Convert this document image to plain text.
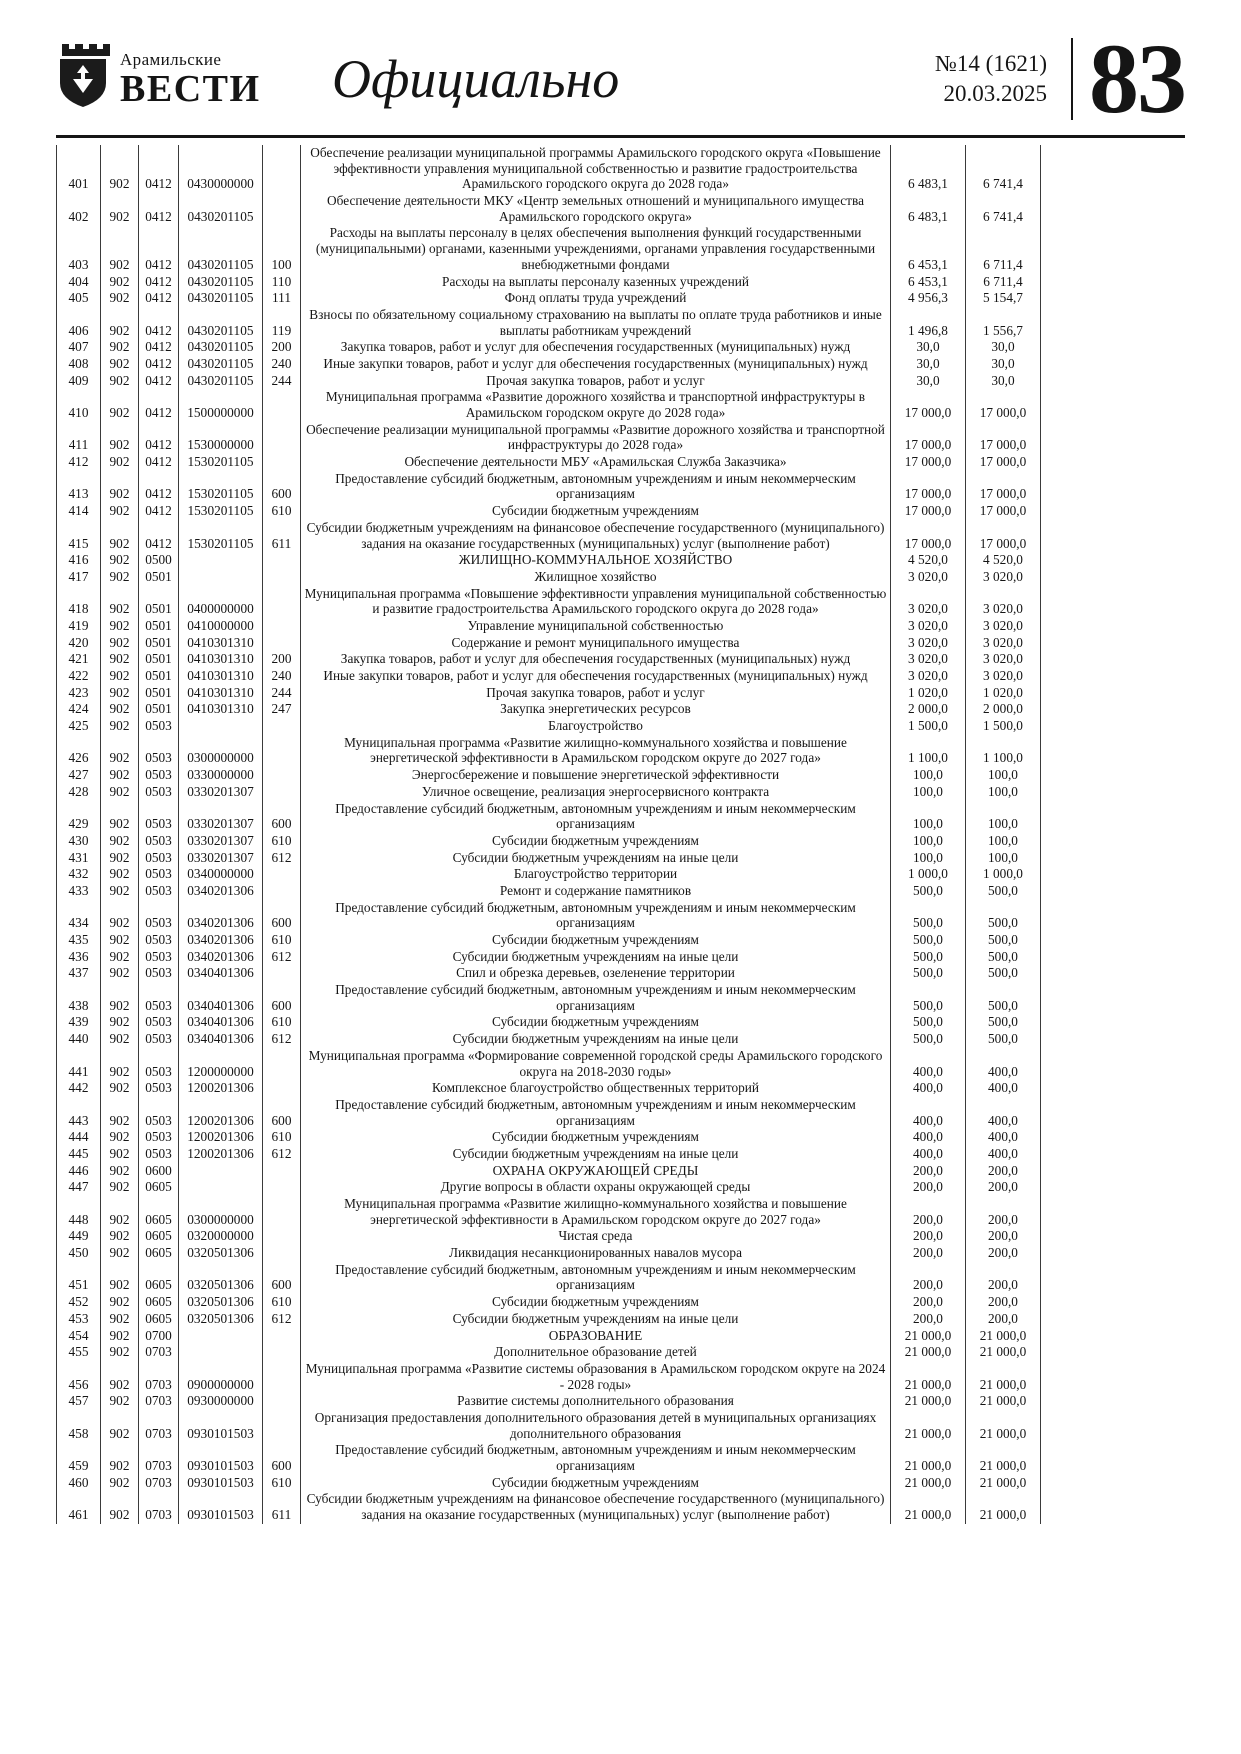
Арамильские
ВЕСТИ Официально	№14 (1621)
20.03.2025 83
401	902	0412	0430000000		Обеспечение реализации муниципальной программы Арамильского городского округа «Повышение эффективности управления муниципальной собственностью и развитие градостроительства Арамильского городского округа до 2028 года»	6 483,1	6 741,4
402	902	0412	0430201105		Обеспечение деятельности МКУ «Центр земельных отношений и муниципального имущества Арамильского городского округа»	6 483,1	6 741,4
403	902	0412	0430201105	100	Расходы на выплаты персоналу в целях обеспечения выполнения функций государственными (муниципальными) органами, казенными учреждениями, органами управления государственными внебюджетными фондами	6 453,1	6 711,4
404	902	0412	0430201105	110	Расходы на выплаты персоналу казенных учреждений	6 453,1	6 711,4
405	902	0412	0430201105	111	Фонд оплаты труда учреждений	4 956,3	5 154,7
406	902	0412	0430201105	119	Взносы по обязательному социальному страхованию на выплаты по оплате труда работников и иные выплаты работникам учреждений	1 496,8	1 556,7
407	902	0412	0430201105	200	Закупка товаров, работ и услуг для обеспечения государственных (муниципальных) нужд	30,0	30,0
408	902	0412	0430201105	240	Иные закупки товаров, работ и услуг для обеспечения государственных (муниципальных) нужд	30,0	30,0
409	902	0412	0430201105	244	Прочая закупка товаров, работ и услуг	30,0	30,0
410	902	0412	1500000000		Муниципальная программа «Развитие дорожного хозяйства и транспортной инфраструктуры в Арамильском городском округе до 2028 года»	17 000,0	17 000,0
411	902	0412	1530000000		Обеспечение реализации муниципальной программы «Развитие дорожного хозяйства и транспортной инфраструктуры до 2028 года»	17 000,0	17 000,0
412	902	0412	1530201105		Обеспечение деятельности МБУ «Арамильская Служба Заказчика»	17 000,0	17 000,0
413	902	0412	1530201105	600	Предоставление субсидий бюджетным, автономным учреждениям и иным некоммерческим организациям	17 000,0	17 000,0
414	902	0412	1530201105	610	Субсидии бюджетным учреждениям	17 000,0	17 000,0
415	902	0412	1530201105	611	Субсидии бюджетным учреждениям на финансовое обеспечение государственного (муниципального) задания на оказание государственных (муниципальных) услуг (выполнение работ)	17 000,0	17 000,0
416	902	0500			ЖИЛИЩНО-КОММУНАЛЬНОЕ ХОЗЯЙСТВО	4 520,0	4 520,0
417	902	0501			Жилищное хозяйство	3 020,0	3 020,0
418	902	0501	0400000000		Муниципальная программа «Повышение эффективности управления муниципальной собственностью и развитие градостроительства Арамильского городского округа до 2028 года»	3 020,0	3 020,0
419	902	0501	0410000000		Управление муниципальной собственностью	3 020,0	3 020,0
420	902	0501	0410301310		Содержание и ремонт муниципального имущества	3 020,0	3 020,0
421	902	0501	0410301310	200	Закупка товаров, работ и услуг для обеспечения государственных (муниципальных) нужд	3 020,0	3 020,0
422	902	0501	0410301310	240	Иные закупки товаров, работ и услуг для обеспечения государственных (муниципальных) нужд	3 020,0	3 020,0
423	902	0501	0410301310	244	Прочая закупка товаров, работ и услуг	1 020,0	1 020,0
424	902	0501	0410301310	247	Закупка энергетических ресурсов	2 000,0	2 000,0
425	902	0503			Благоустройство	1 500,0	1 500,0
426	902	0503	0300000000		Муниципальная программа «Развитие жилищно-коммунального хозяйства и повышение энергетической эффективности в Арамильском городском округе до 2027 года»	1 100,0	1 100,0
427	902	0503	0330000000		Энергосбережение и повышение энергетической эффективности	100,0	100,0
428	902	0503	0330201307		Уличное освещение, реализация энергосервисного контракта	100,0	100,0
429	902	0503	0330201307	600	Предоставление субсидий бюджетным, автономным учреждениям и иным некоммерческим организациям	100,0	100,0
430	902	0503	0330201307	610	Субсидии бюджетным учреждениям	100,0	100,0
431	902	0503	0330201307	612	Субсидии бюджетным учреждениям на иные цели	100,0	100,0
432	902	0503	0340000000		Благоустройство территории	1 000,0	1 000,0
433	902	0503	0340201306		Ремонт и содержание памятников	500,0	500,0
434	902	0503	0340201306	600	Предоставление субсидий бюджетным, автономным учреждениям и иным некоммерческим организациям	500,0	500,0
435	902	0503	0340201306	610	Субсидии бюджетным учреждениям	500,0	500,0
436	902	0503	0340201306	612	Субсидии бюджетным учреждениям на иные цели	500,0	500,0
437	902	0503	0340401306		Спил и обрезка деревьев, озеленение территории	500,0	500,0
438	902	0503	0340401306	600	Предоставление субсидий бюджетным, автономным учреждениям и иным некоммерческим организациям	500,0	500,0
439	902	0503	0340401306	610	Субсидии бюджетным учреждениям	500,0	500,0
440	902	0503	0340401306	612	Субсидии бюджетным учреждениям на иные цели	500,0	500,0
441	902	0503	1200000000		Муниципальная программа «Формирование современной городской среды Арамильского городского округа на 2018-2030 годы»	400,0	400,0
442	902	0503	1200201306		Комплексное благоустройство общественных территорий	400,0	400,0
443	902	0503	1200201306	600	Предоставление субсидий бюджетным, автономным учреждениям и иным некоммерческим организациям	400,0	400,0
444	902	0503	1200201306	610	Субсидии бюджетным учреждениям	400,0	400,0
445	902	0503	1200201306	612	Субсидии бюджетным учреждениям на иные цели	400,0	400,0
446	902	0600			ОХРАНА ОКРУЖАЮЩЕЙ СРЕДЫ	200,0	200,0
447	902	0605			Другие вопросы в области охраны окружающей среды	200,0	200,0
448	902	0605	0300000000		Муниципальная программа «Развитие жилищно-коммунального хозяйства и повышение энергетической эффективности в Арамильском городском округе до 2027 года»	200,0	200,0
449	902	0605	0320000000		Чистая среда	200,0	200,0
450	902	0605	0320501306		Ликвидация несанкционированных навалов мусора	200,0	200,0
451	902	0605	0320501306	600	Предоставление субсидий бюджетным, автономным учреждениям и иным некоммерческим организациям	200,0	200,0
452	902	0605	0320501306	610	Субсидии бюджетным учреждениям	200,0	200,0
453	902	0605	0320501306	612	Субсидии бюджетным учреждениям на иные цели	200,0	200,0
454	902	0700			ОБРАЗОВАНИЕ	21 000,0	21 000,0
455	902	0703			Дополнительное образование детей	21 000,0	21 000,0
456	902	0703	0900000000		Муниципальная программа «Развитие системы образования в Арамильском городском округе на 2024 - 2028 годы»	21 000,0	21 000,0
457	902	0703	0930000000		Развитие системы дополнительного образования	21 000,0	21 000,0
458	902	0703	0930101503		Организация предоставления дополнительного образования детей в муниципальных организациях дополнительного образования	21 000,0	21 000,0
459	902	0703	0930101503	600	Предоставление субсидий бюджетным, автономным учреждениям и иным некоммерческим организациям	21 000,0	21 000,0
460	902	0703	0930101503	610	Субсидии бюджетным учреждениям	21 000,0	21 000,0
461	902	0703	0930101503	611	Субсидии бюджетным учреждениям на финансовое обеспечение государственного (муниципального) задания на оказание государственных (муниципальных) услуг (выполнение работ)	21 000,0	21 000,0
